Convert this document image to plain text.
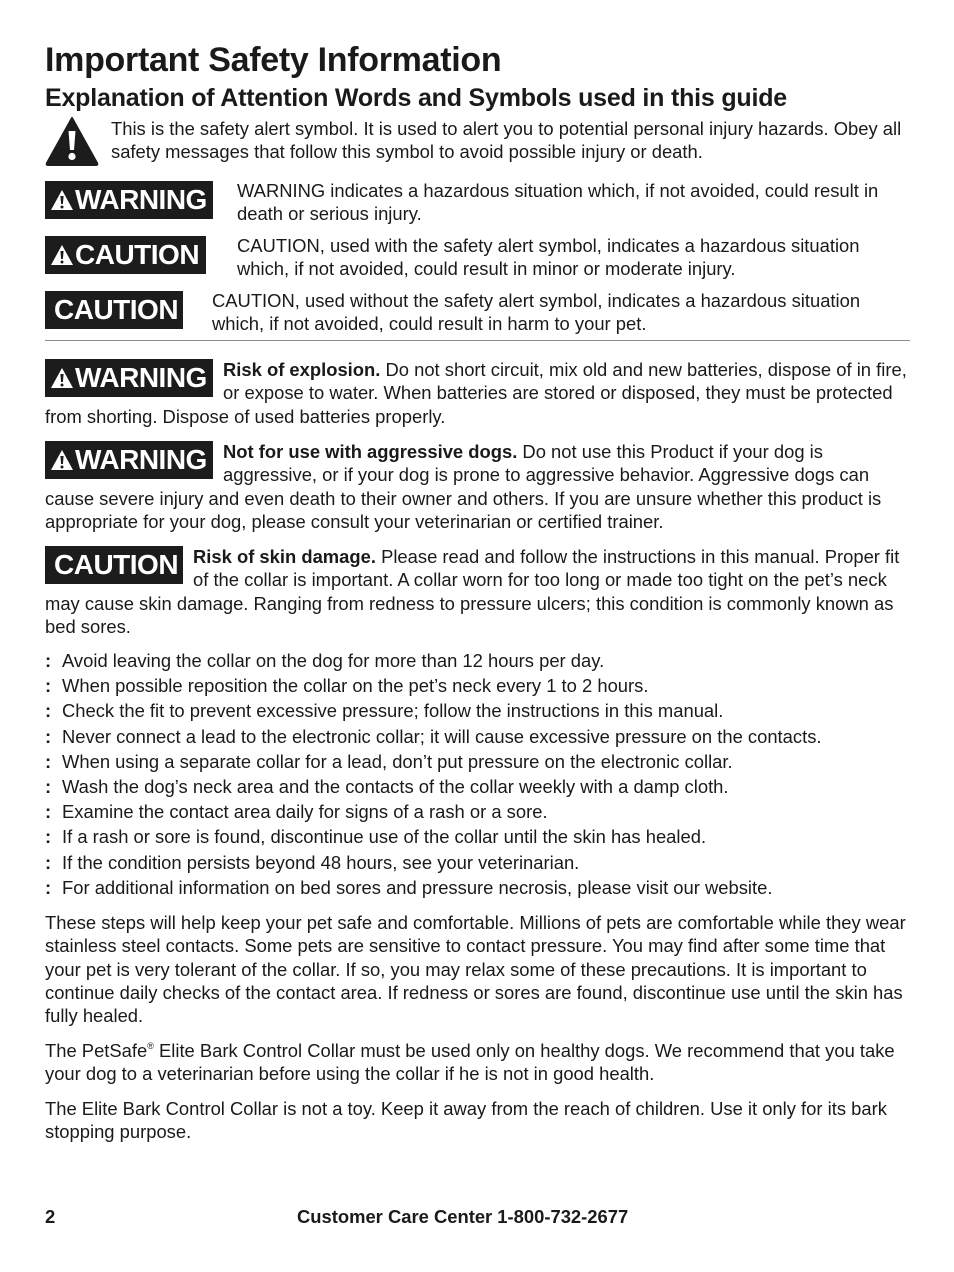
Important Safety Information
Explanation of Attention Words and Symbols used in this guide
This is the safety alert symbol. It is used to alert you to potential personal injury hazards. Obey all safety messages that follow this symbol to avoid possible injury or death.
WARNING WARNING indicates a hazardous situation which, if not avoided, could result in death or serious injury.
CAUTION CAUTION, used with the safety alert symbol, indicates a hazardous situation which, if not avoided, could result in minor or moderate injury.
CAUTION CAUTION, used without the safety alert symbol, indicates a hazardous situation which, if not avoided, could result in harm to your pet.
WARNING Risk of explosion. Do not short circuit, mix old and new batteries, dispose of in fire, or expose to water. When batteries are stored or disposed, they must be protected from shorting. Dispose of used batteries properly.
WARNING Not for use with aggressive dogs. Do not use this Product if your dog is aggressive, or if your dog is prone to aggressive behavior. Aggressive dogs can cause severe injury and even death to their owner and others. If you are unsure whether this product is appropriate for your dog, please consult your veterinarian or certified trainer.
CAUTION Risk of skin damage. Please read and follow the instructions in this manual. Proper fit of the collar is important. A collar worn for too long or made too tight on the pet’s neck may cause skin damage. Ranging from redness to pressure ulcers; this condition is commonly known as bed sores.
: Avoid leaving the collar on the dog for more than 12 hours per day.
: When possible reposition the collar on the pet’s neck every 1 to 2 hours.
: Check the fit to prevent excessive pressure; follow the instructions in this manual.
: Never connect a lead to the electronic collar; it will cause excessive pressure on the contacts.
: When using a separate collar for a lead, don’t put pressure on the electronic collar.
: Wash the dog’s neck area and the contacts of the collar weekly with a damp cloth.
: Examine the contact area daily for signs of a rash or a sore.
: If a rash or sore is found, discontinue use of the collar until the skin has healed.
: If the condition persists beyond 48 hours, see your veterinarian.
: For additional information on bed sores and pressure necrosis, please visit our website.

These steps will help keep your pet safe and comfortable. Millions of pets are comfortable while they wear stainless steel contacts. Some pets are sensitive to contact pressure. You may find after some time that your pet is very tolerant of the collar. If so, you may relax some of these precautions. It is important to continue daily checks of the contact area. If redness or sores are found, discontinue use until the skin has fully healed.

The PetSafe® Elite Bark Control Collar must be used only on healthy dogs. We recommend that you take your dog to a veterinarian before using the collar if he is not in good health.

The Elite Bark Control Collar is not a toy. Keep it away from the reach of children. Use it only for its bark stopping purpose.

2	Customer Care Center 1-800-732-2677
